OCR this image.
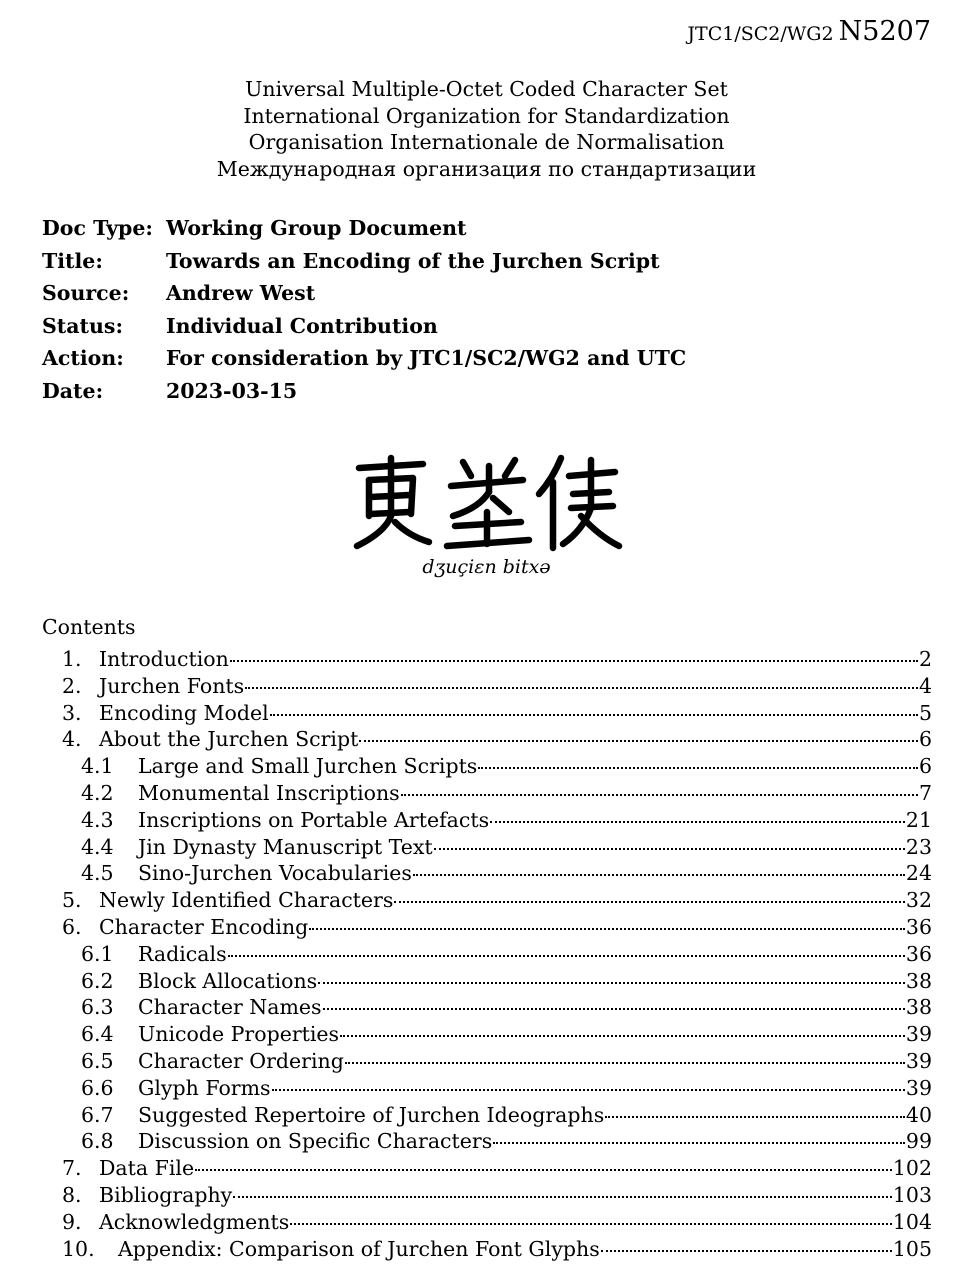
JTC1/SC2/WG2 N5207
Universal Multiple-Octet Coded Character Set
International Organization for Standardization
Organisation Internationale de Normalisation
Международная организация по стандартизации
Doc Type: Working Group Document
Title:	Towards an Encoding of the Jurchen Script
Source: Andrew West
Status: Individual Contribution
Action: For consideration by JTC1/SC2/WG2 and UTC
Date:	2023-03-15
dʒuçiɛn bitxə
Contents
1. Introduction	2
2. Jurchen Fonts	4
3. Encoding Model	5
4. About the Jurchen Script	6
4.1	Large and Small Jurchen Scripts	6
4.2	Monumental Inscriptions	7
4.3	Inscriptions on Portable Artefacts	21
4.4	Jin Dynasty Manuscript Text	23
4.5	Sino-Jurchen Vocabularies	24
5. Newly Identified Characters	32
6. Character Encoding	36
6.1	Radicals	36
6.2	Block Allocations	38
6.3	Character Names	38
6.4	Unicode Properties	39
6.5	Character Ordering	39
6.6	Glyph Forms	39
6.7	Suggested Repertoire of Jurchen Ideographs	40
6.8	Discussion on Specific Characters	99
7. Data File	102
8. Bibliography	103
9. Acknowledgments	104
10.	Appendix: Comparison of Jurchen Font Glyphs	105
